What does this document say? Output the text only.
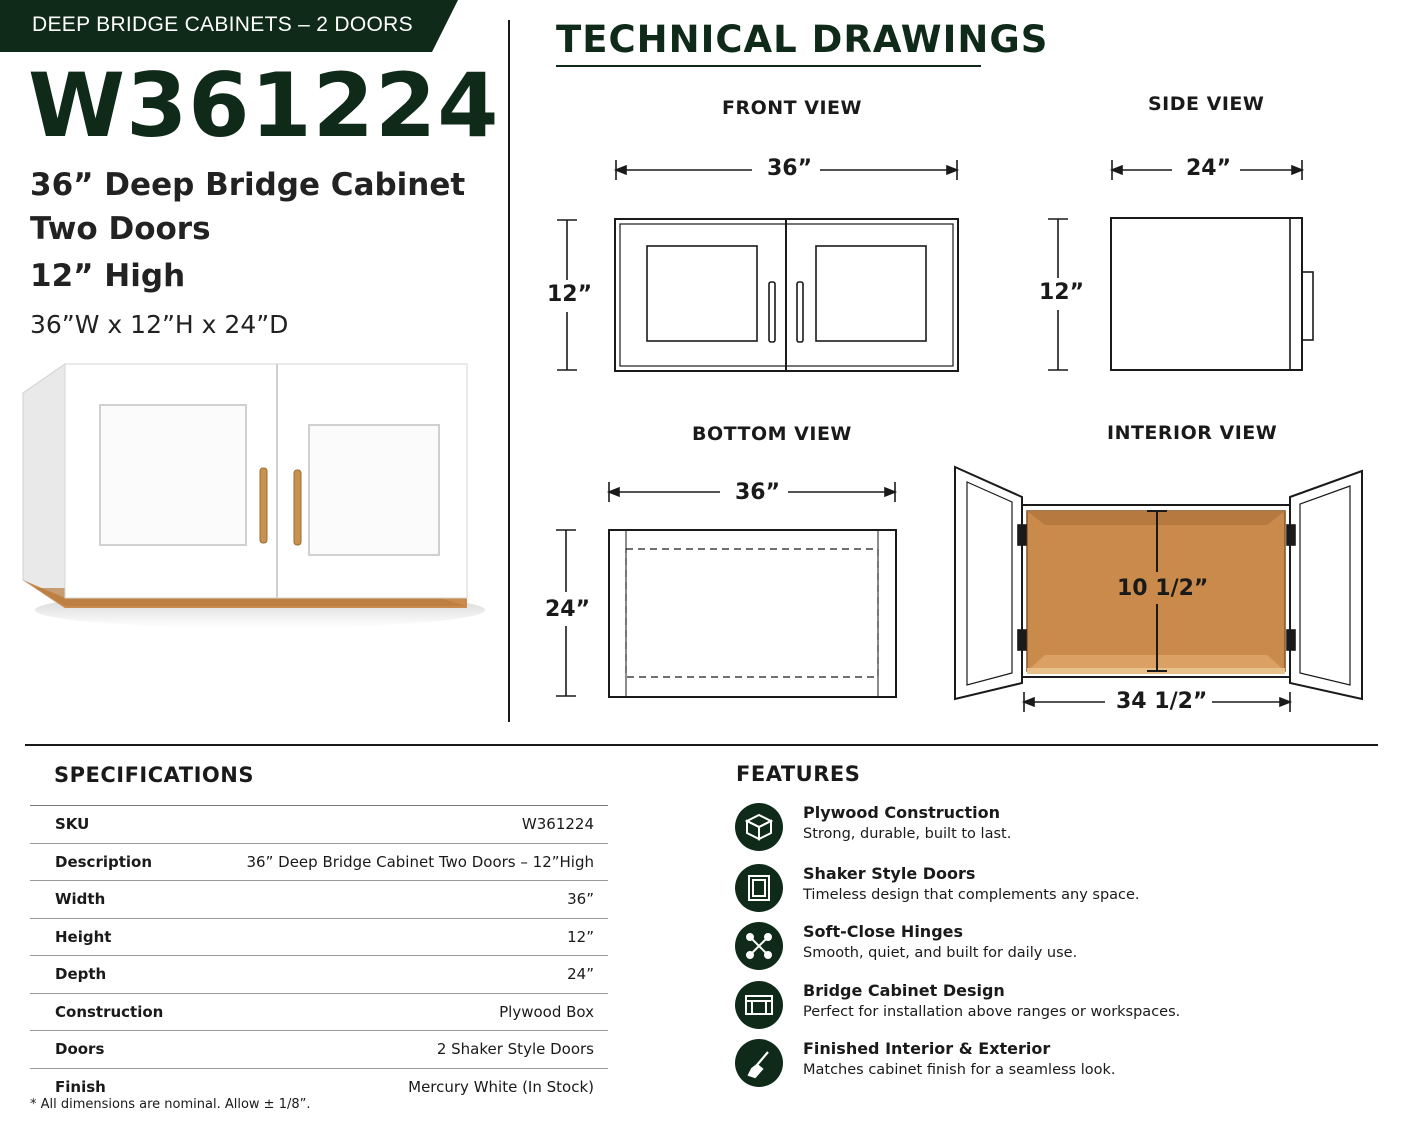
DEEP BRIDGE CABINETS – 2 DOORS
W361224
36” Deep Bridge Cabinet
Two Doors
12” High
36”W x 12”H x 24”D
TECHNICAL DRAWINGS
FRONT VIEW
36”
12”
SIDE VIEW
24”
12”
BOTTOM VIEW
36”
24”
INTERIOR VIEW
10 1/2”
34 1/2”
SPECIFICATIONS
SKU	W361224
Description	36” Deep Bridge Cabinet Two Doors – 12”High
Width	36”
Height	12”
Depth	24”
Construction	Plywood Box
Doors	2 Shaker Style Doors
Finish	Mercury White (In Stock)
* All dimensions are nominal. Allow ± 1/8”.
FEATURES
Plywood Construction
Strong, durable, built to last.
Shaker Style Doors
Timeless design that complements any space.
Soft-Close Hinges
Smooth, quiet, and built for daily use.
Bridge Cabinet Design
Perfect for installation above ranges or workspaces.
Finished Interior & Exterior
Matches cabinet finish for a seamless look.
